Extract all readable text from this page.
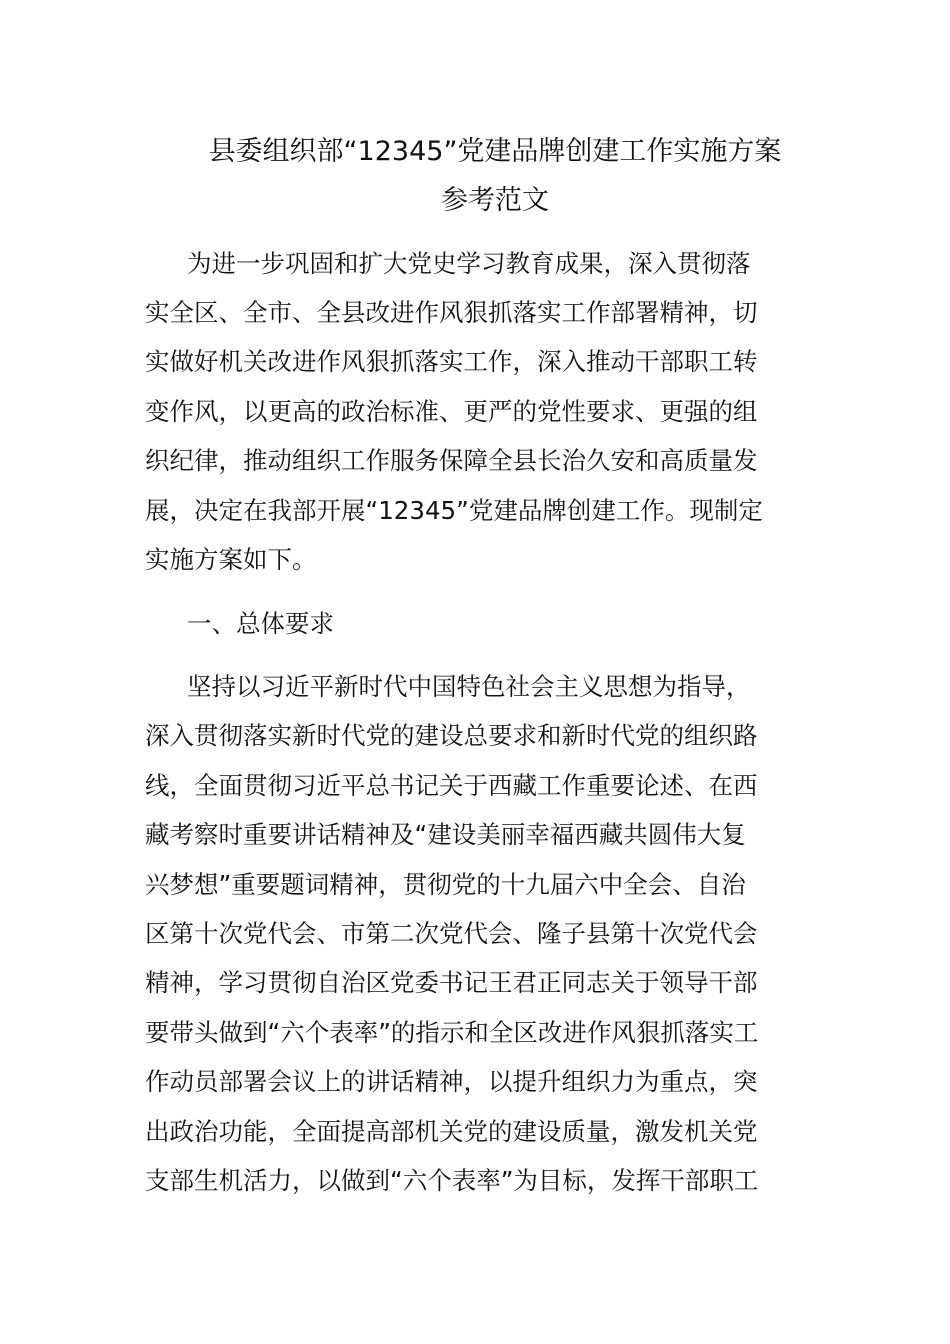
县委组织部“12345”党建品牌创建工作实施方案
参考范文
为进一步巩固和扩大党史学习教育成果，深入贯彻落
实全区、全市、全县改进作风狠抓落实工作部署精神，切
实做好机关改进作风狠抓落实工作，深入推动干部职工转
变作风，以更高的政治标准、更严的党性要求、更强的组
织纪律，推动组织工作服务保障全县长治久安和高质量发
展，决定在我部开展“12345”党建品牌创建工作。现制定
实施方案如下。
一、总体要求
坚持以习近平新时代中国特色社会主义思想为指导，
深入贯彻落实新时代党的建设总要求和新时代党的组织路
线，全面贯彻习近平总书记关于西藏工作重要论述、在西
藏考察时重要讲话精神及“建设美丽幸福西藏共圆伟大复
兴梦想”重要题词精神，贯彻党的十九届六中全会、自治
区第十次党代会、市第二次党代会、隆子县第十次党代会
精神，学习贯彻自治区党委书记王君正同志关于领导干部
要带头做到“六个表率”的指示和全区改进作风狠抓落实工
作动员部署会议上的讲话精神，以提升组织力为重点，突
出政治功能，全面提高部机关党的建设质量，激发机关党
支部生机活力，以做到“六个表率”为目标，发挥干部职工
